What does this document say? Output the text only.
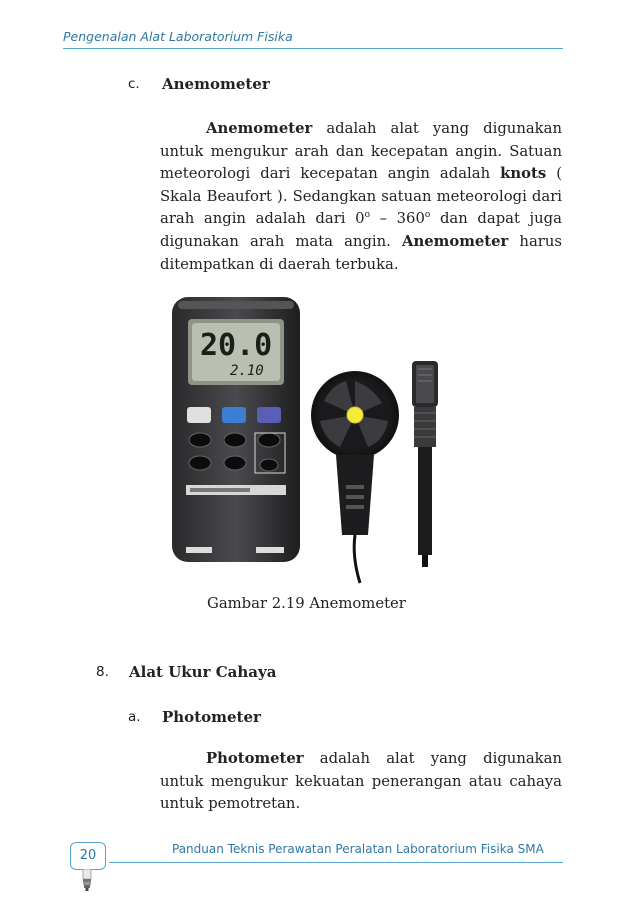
Pengenalan Alat Laboratorium Fisika
c. Anemometer

Anemometer adalah alat yang digunakan untuk mengukur arah dan kecepatan angin. Satuan meteorologi dari kecepatan angin adalah knots ( Skala Beaufort ). Sedangkan satuan meteorologi dari arah angin adalah dari 0$^o$ – 360$^o$ dan dapat juga digunakan arah mata angin. Anemometer harus ditempatkan di daerah terbuka.

20.0
2.10
Gambar 2.19 Anemometer
8. Alat Ukur Cahaya
a. Photometer

Photometer adalah alat yang digunakan untuk mengukur kekuatan penerangan atau cahaya untuk pemotretan.

20	Panduan Teknis Perawatan Peralatan Laboratorium Fisika SMA
